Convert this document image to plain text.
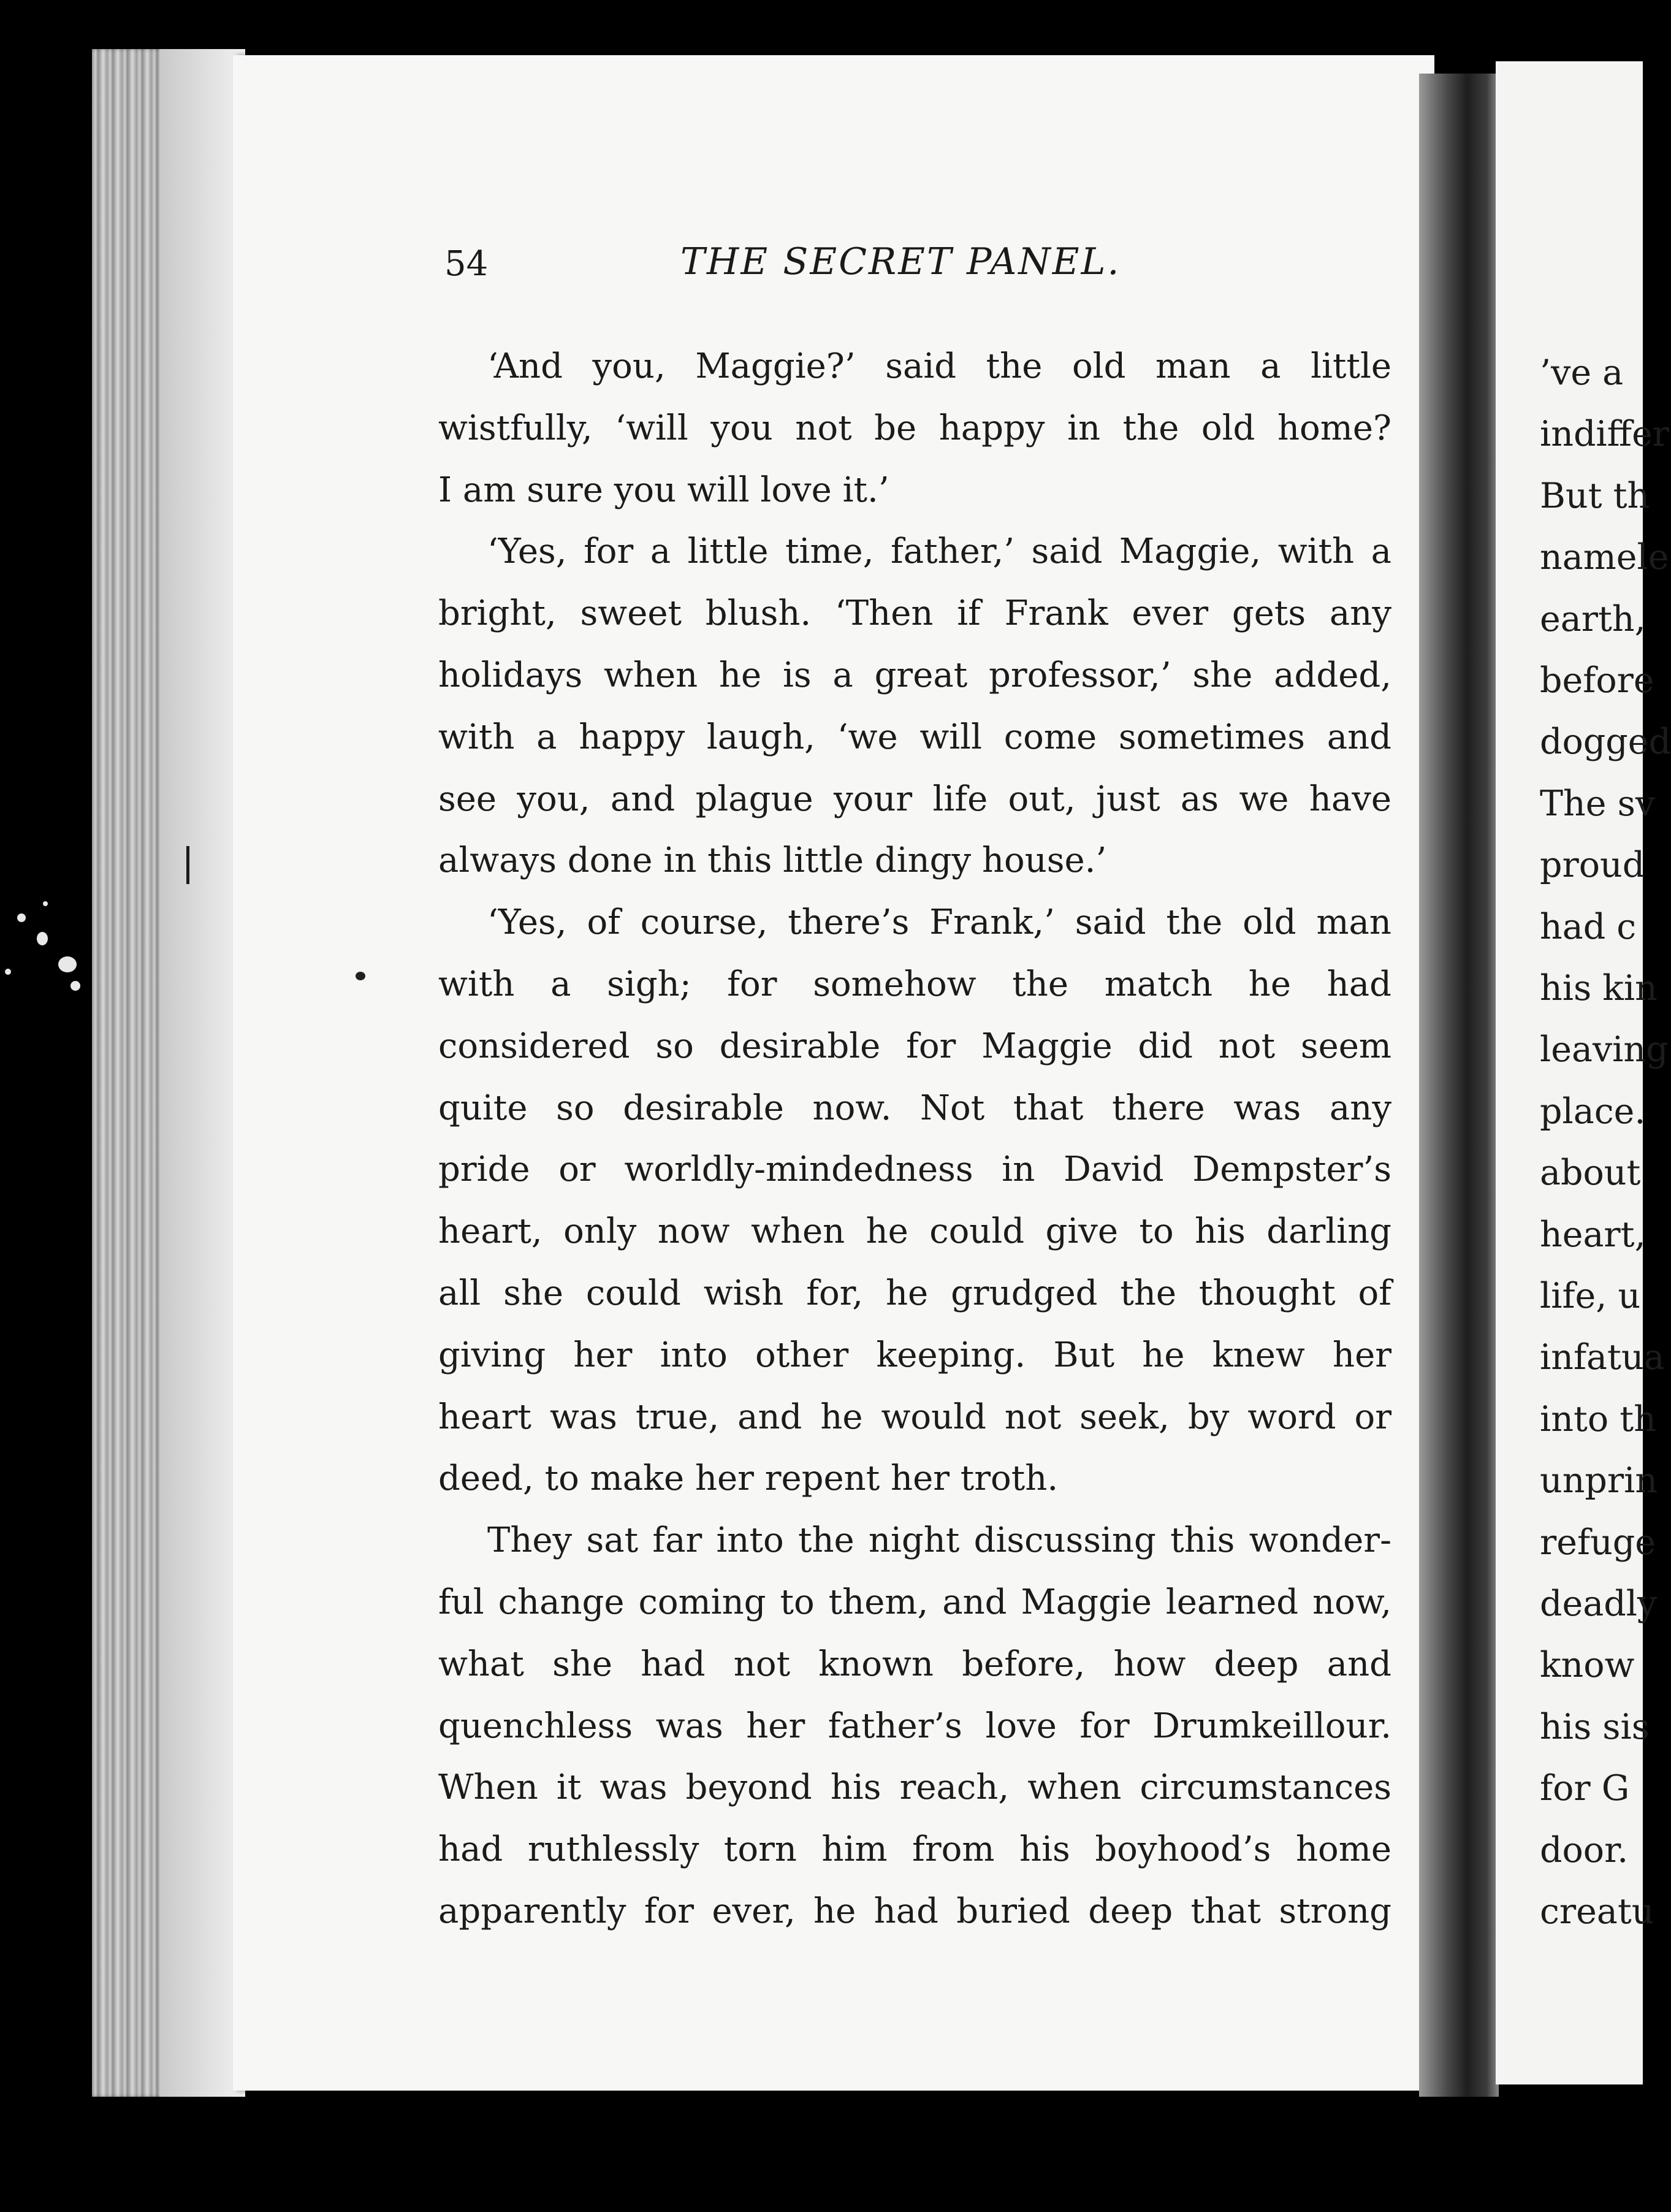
54	THE SECRET PANEL.
‘And you, Maggie?’ said the old man a little
wistfully, ‘will you not be happy in the old home?
I am sure you will love it.’
‘Yes, for a little time, father,’ said Maggie, with a
bright, sweet blush. ‘Then if Frank ever gets any
holidays when he is a great professor,’ she added,
with a happy laugh, ‘we will come sometimes and
see you, and plague your life out, just as we have
always done in this little dingy house.’
‘Yes, of course, there’s Frank,’ said the old man
with a sigh; for somehow the match he had
considered so desirable for Maggie did not seem
quite so desirable now. Not that there was any
pride or worldly-mindedness in David Dempster’s
heart, only now when he could give to his darling
all she could wish for, he grudged the thought of
giving her into other keeping. But he knew her
heart was true, and he would not seek, by word or
deed, to make her repent her troth.
They sat far into the night discussing this wonder-
ful change coming to them, and Maggie learned now,
what she had not known before, how deep and
quenchless was her father’s love for Drumkeillour.
When it was beyond his reach, when circumstances
had ruthlessly torn him from his boyhood’s home
apparently for ever, he had buried deep that strong
’ve a
indiffer
But th
namele
earth,
before
dogged
The sv
proud
had c
his kin
leaving
place.
about
heart,
life, u
infatua
into th
unprin
refuge
deadly
know
his sis
for G
door.
creatu
